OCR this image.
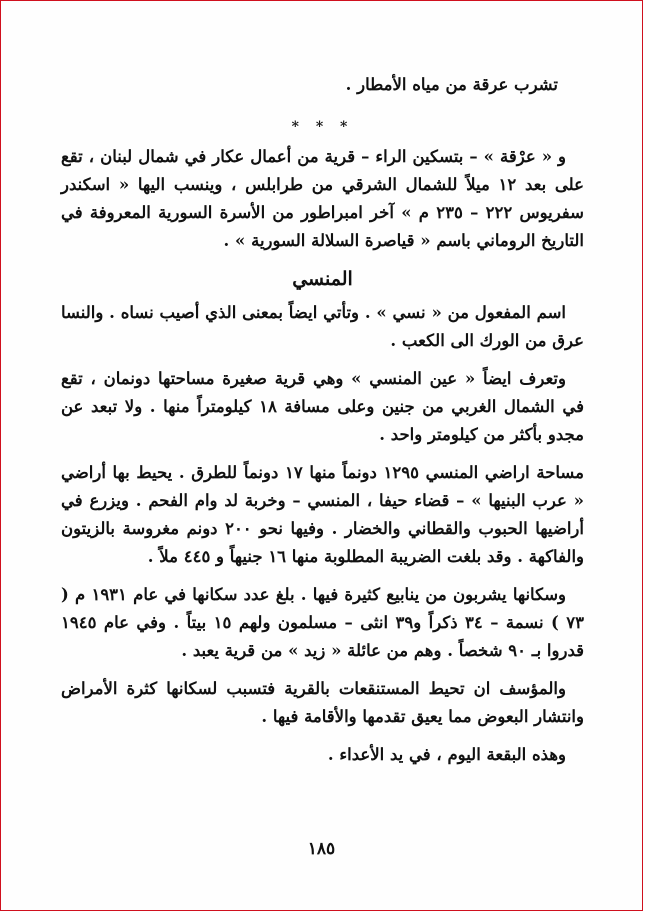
تشرب عرقة من مياه الأمطار .

* * *

و « عرْقة » – بتسكين الراء – قرية من أعمال عكار في شمال لبنان ، تقع على بعد ١٢ ميلاً للشمال الشرقي من طرابلس ، وينسب اليها « اسكندر سفريوس ٢٢٢ – ٢٣٥ م » آخر امبراطور من الأسرة السورية المعروفة في التاريخ الروماني باسم « قياصرة السلالة السورية » .

المنسي

اسم المفعول من « نسي » . وتأتي ايضاً بمعنى الذي أصيب نساه . والنسا عرق من الورك الى الكعب .

وتعرف ايضاً « عين المنسي » وهي قرية صغيرة مساحتها دونمان ، تقع في الشمال الغربي من جنين وعلى مسافة ١٨ كيلومتراً منها . ولا تبعد عن مجدو بأكثر من كيلومتر واحد .

مساحة اراضي المنسي ١٢٩٥ دونماً منها ١٧ دونماً للطرق . يحيط بها أراضي « عرب البنيها » – قضاء حيفا ، المنسي – وخربة لد وام الفحم . ويزرع في أراضيها الحبوب والقطاني والخضار . وفيها نحو ٢٠٠ دونم مغروسة بالزيتون والفاكهة . وقد بلغت الضريبة المطلوبة منها ١٦ جنيهاً و ٤٤٥ ملاً .

وسكانها يشربون من ينابيع كثيرة فيها . بلغ عدد سكانها في عام ١٩٣١ م ( ٧٣ ) نسمة – ٣٤ ذكراً و٣٩ انثى – مسلمون ولهم ١٥ بيتاً . وفي عام ١٩٤٥ قدروا بـ ٩٠ شخصاً . وهم من عائلة « زيد » من قرية يعبد .

والمؤسف ان تحيط المستنقعات بالقرية فتسبب لسكانها كثرة الأمراض وانتشار البعوض مما يعيق تقدمها والأقامة فيها .

وهذه البقعة اليوم ، في يد الأعداء .

١٨٥
